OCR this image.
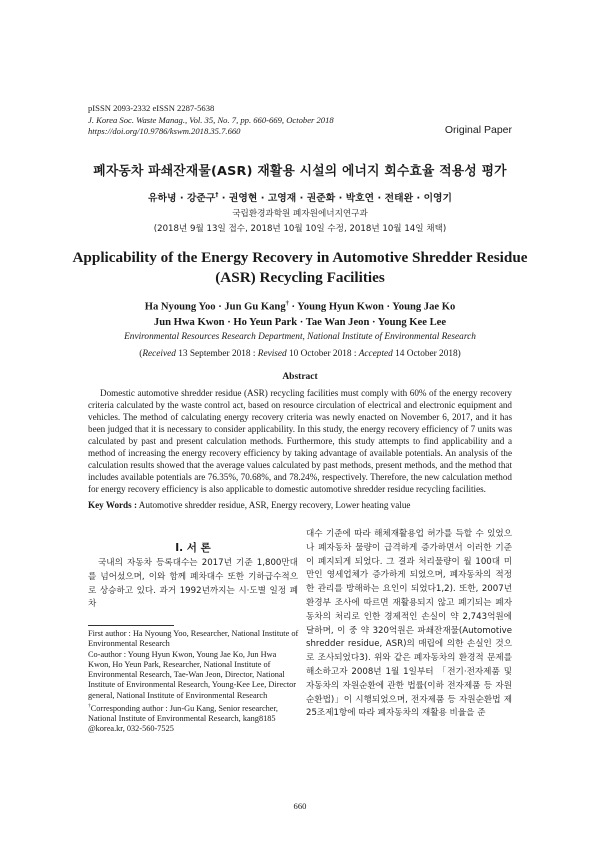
pISSN 2093-2332 eISSN 2287-5638
J. Korea Soc. Waste Manag., Vol. 35, No. 7, pp. 660-669, October 2018
https://doi.org/10.9786/kswm.2018.35.7.660	Original Paper
폐자동차 파쇄잔재물(ASR) 재활용 시설의 에너지 회수효율 적용성 평가
유하녕 · 강준구† · 권영현 · 고영재 · 권준화 · 박호연 · 전태완 · 이영기
국립환경과학원 폐자원에너지연구과
(2018년 9월 13일 접수, 2018년 10월 10일 수정, 2018년 10월 14일 채택)
Applicability of the Energy Recovery in Automotive Shredder Residue (ASR) Recycling Facilities
Ha Nyoung Yoo · Jun Gu Kang† · Young Hyun Kwon · Young Jae Ko
Jun Hwa Kwon · Ho Yeun Park · Tae Wan Jeon · Young Kee Lee
Environmental Resources Research Department, National Institute of Environmental Research
(Received 13 September 2018 : Revised 10 October 2018 : Accepted 14 October 2018)
Abstract
Domestic automotive shredder residue (ASR) recycling facilities must comply with 60% of the energy recovery criteria calculated by the waste control act, based on resource circulation of electrical and electronic equipment and vehicles. The method of calculating energy recovery criteria was newly enacted on November 6, 2017, and it has been judged that it is necessary to consider applicability. In this study, the energy recovery efficiency of 7 units was calculated by past and present calculation methods. Furthermore, this study attempts to find applicability and a method of increasing the energy recovery efficiency by taking advantage of available potentials. An analysis of the calculation results showed that the average values calculated by past methods, present methods, and the method that includes available potentials are 76.35%, 70.68%, and 78.24%, respectively. Therefore, the new calculation method for energy recovery efficiency is also applicable to domestic automotive shredder residue recycling facilities.
Key Words : Automotive shredder residue, ASR, Energy recovery, Lower heating value
I. 서 론
국내의 자동차 등록대수는 2017년 기준 1,800만대를 넘어섰으며, 이와 함께 폐차대수 또한 기하급수적으로 상승하고 있다. 과거 1992년까지는 시·도별 일정 폐차
대수 기준에 따라 해체재활용업 허가를 득할 수 있었으나 폐자동차 물량이 급격하게 증가하면서 이러한 기준이 폐지되게 되었다. 그 결과 처리물량이 월 100대 미만인 영세업체가 증가하게 되었으며, 폐자동차의 적정한 관리를 방해하는 요인이 되었다1,2). 또한, 2007년 환경부 조사에 따르면 재활용되지 않고 폐기되는 폐자동차의 처리로 인한 경제적인 손실이 약 2,743억원에 달하며, 이 중 약 320억원은 파쇄잔재물(Automotive shredder residue, ASR)의 매립에 의한 손실인 것으로 조사되었다3). 위와 같은 폐자동차의 환경적 문제를 해소하고자 2008년 1월 1일부터 「전기·전자제품 및 자동차의 자원순환에 관한 법률(이하 전자제품 등 자원순환법)」이 시행되었으며, 전자제품 등 자원순환법 제25조제1항에 따라 폐자동차의 재활용 비율을 준
First author : Ha Nyoung Yoo, Researcher, National Institute of Environmental Research
Co-author : Young Hyun Kwon, Young Jae Ko, Jun Hwa Kwon, Ho Yeun Park, Researcher, National Institute of Environmental Research, Tae-Wan Jeon, Director, National Institute of Environmental Research, Young-Kee Lee, Director general, National Institute of Environmental Research
†Corresponding author : Jun-Gu Kang, Senior researcher, National Institute of Environmental Research, kang8185 @korea.kr, 032-560-7525
660
